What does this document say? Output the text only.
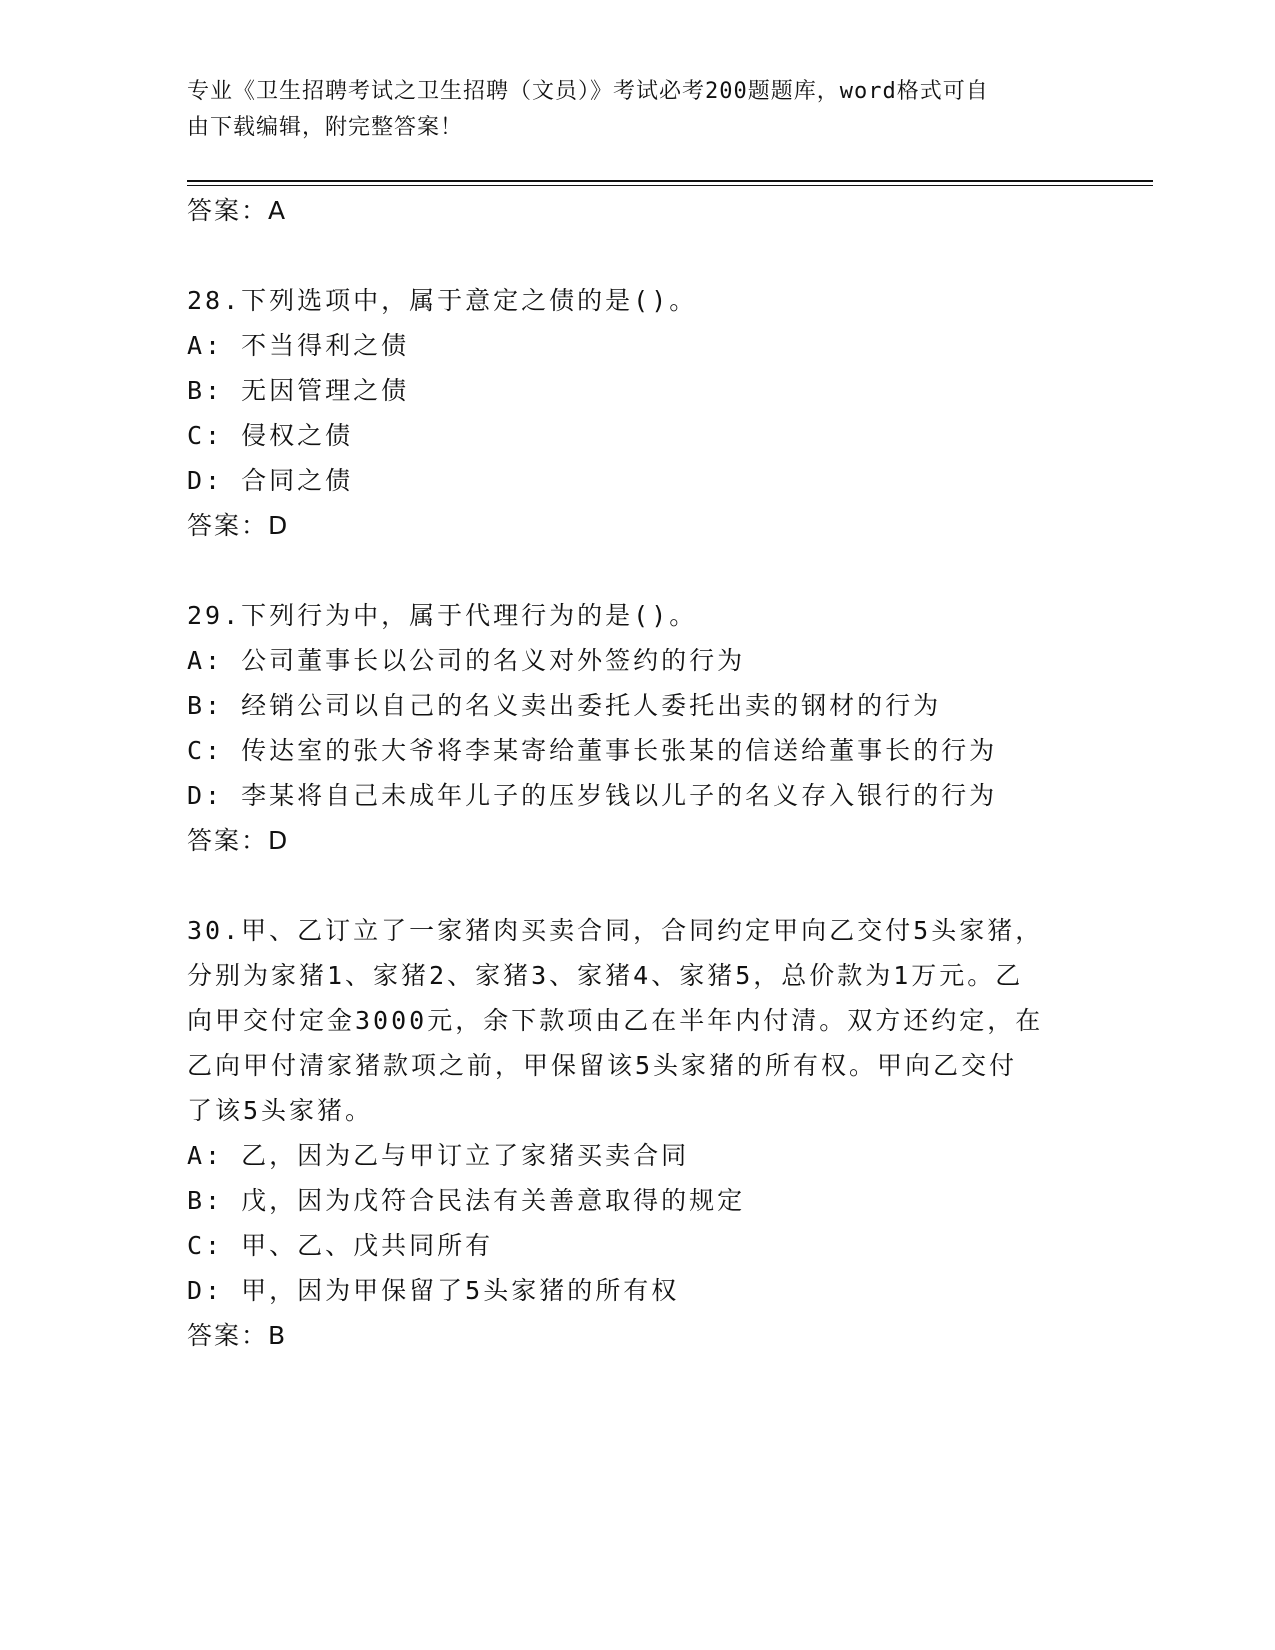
专业《卫生招聘考试之卫生招聘（文员）》考试必考200题题库，word格式可自
由下载编辑，附完整答案！
答案：A
28.下列选项中，属于意定之债的是()。
A: 不当得利之债
B: 无因管理之债
C: 侵权之债
D: 合同之债
答案：D
29.下列行为中，属于代理行为的是()。
A: 公司董事长以公司的名义对外签约的行为
B: 经销公司以自己的名义卖出委托人委托出卖的钢材的行为
C: 传达室的张大爷将李某寄给董事长张某的信送给董事长的行为
D: 李某将自己未成年儿子的压岁钱以儿子的名义存入银行的行为
答案：D
30.甲、乙订立了一家猪肉买卖合同，合同约定甲向乙交付5头家猪，
分别为家猪1、家猪2、家猪3、家猪4、家猪5，总价款为1万元。乙
向甲交付定金3000元，余下款项由乙在半年内付清。双方还约定，在
乙向甲付清家猪款项之前，甲保留该5头家猪的所有权。甲向乙交付
了该5头家猪。
A: 乙，因为乙与甲订立了家猪买卖合同
B: 戊，因为戊符合民法有关善意取得的规定
C: 甲、乙、戊共同所有
D: 甲，因为甲保留了5头家猪的所有权
答案：B
